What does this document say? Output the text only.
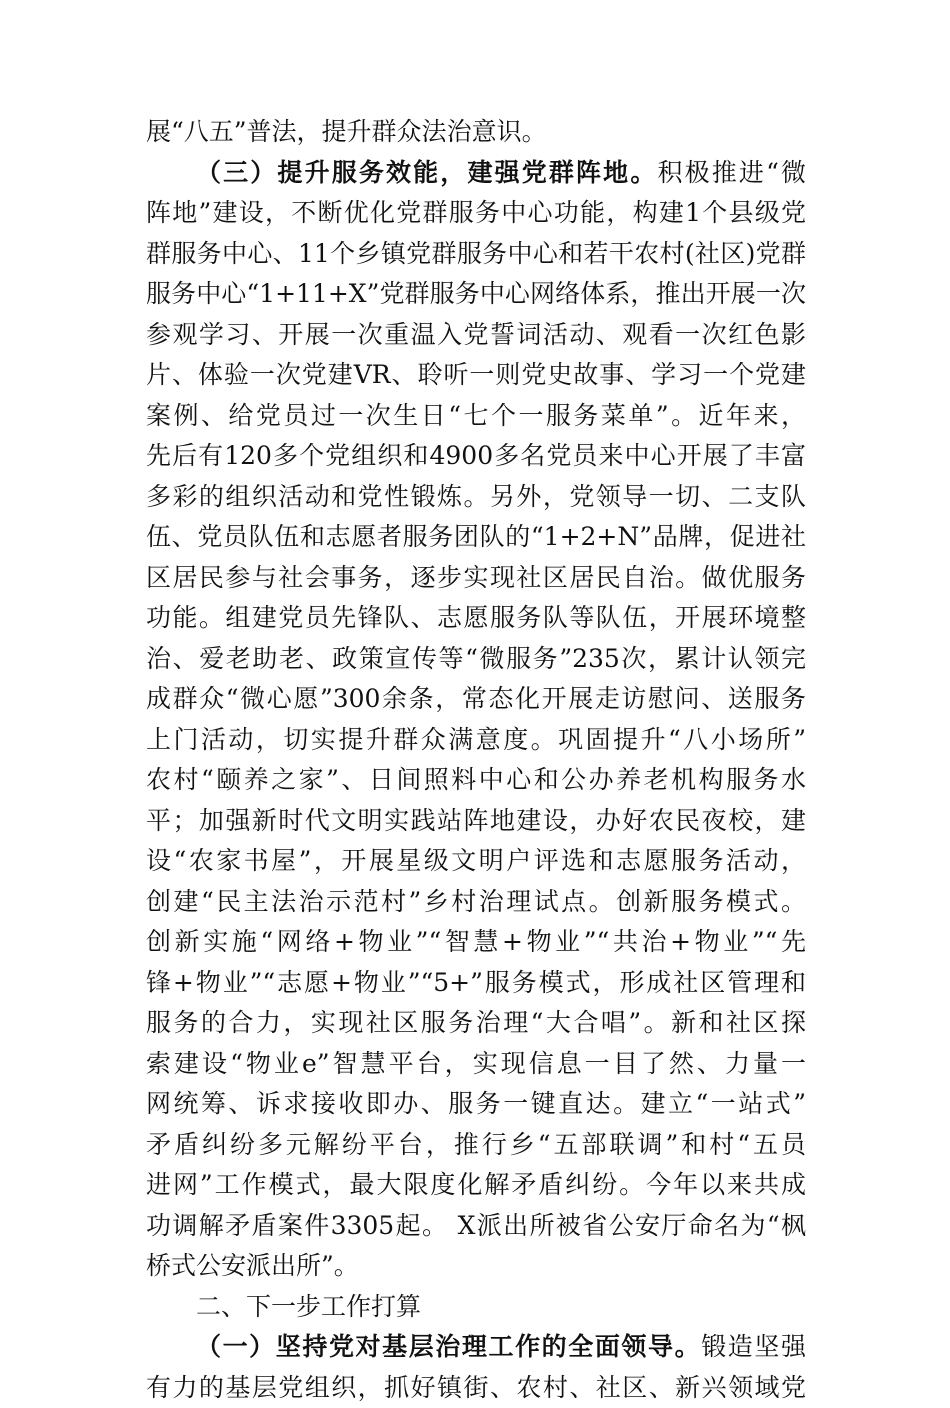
展“八五”普法，提升群众法治意识。
（三）提升服务效能，建强党群阵地。积极推进“微
阵地”建设，不断优化党群服务中心功能，构建1个县级党
群服务中心、11个乡镇党群服务中心和若干农村(社区)党群
服务中心“1+11+X”党群服务中心网络体系，推出开展一次
参观学习、开展一次重温入党誓词活动、观看一次红色影
片、体验一次党建VR、聆听一则党史故事、学习一个党建
案例、给党员过一次生日“七个一服务菜单”。近年来，
先后有120多个党组织和4900多名党员来中心开展了丰富
多彩的组织活动和党性锻炼。另外，党领导一切、二支队
伍、党员队伍和志愿者服务团队的“1+2+N”品牌，促进社
区居民参与社会事务，逐步实现社区居民自治。做优服务
功能。组建党员先锋队、志愿服务队等队伍，开展环境整
治、爱老助老、政策宣传等“微服务”235次，累计认领完
成群众“微心愿”300余条，常态化开展走访慰问、送服务
上门活动，切实提升群众满意度。巩固提升“八小场所”
农村“颐养之家”、日间照料中心和公办养老机构服务水
平；加强新时代文明实践站阵地建设，办好农民夜校，建
设“农家书屋”，开展星级文明户评选和志愿服务活动，
创建“民主法治示范村”乡村治理试点。创新服务模式。
创新实施“网络+物业”“智慧+物业”“共治+物业”“先
锋+物业”“志愿+物业”“5+”服务模式，形成社区管理和
服务的合力，实现社区服务治理“大合唱”。新和社区探
索建设“物业e”智慧平台，实现信息一目了然、力量一
网统筹、诉求接收即办、服务一键直达。建立“一站式”
矛盾纠纷多元解纷平台，推行乡“五部联调”和村“五员
进网”工作模式，最大限度化解矛盾纠纷。今年以来共成
功调解矛盾案件3305起。 X派出所被省公安厅命名为“枫
桥式公安派出所”。
二、下一步工作打算
（一）坚持党对基层治理工作的全面领导。锻造坚强
有力的基层党组织，抓好镇街、农村、社区、新兴领域党
